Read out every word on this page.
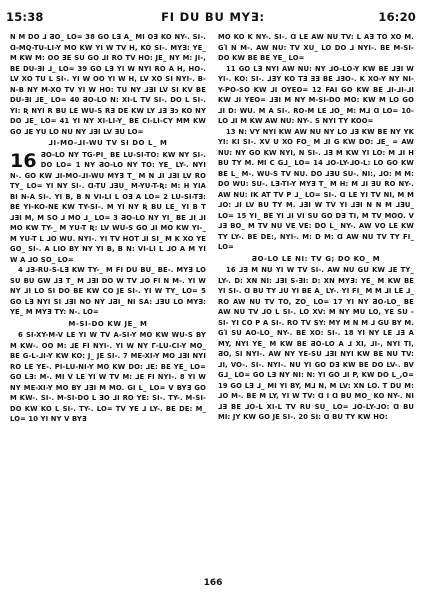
15:38	FI DU BU MYƎ:	16:20

N M DO ⅃ ƋO_ LO= 38 GO LƎ A_ MI OƎ KO NY-. SI-. Ɑ-MQ-TU-LI-Y MO KW YI W TV H, KO SI-. MYƎ: YE_ M KW M: OO ƎE SU GO ⅃I RO TV HO: JE_ NY M: JI-, BE DU-ƎI ⅃_ LO= 39 GO LƎ YI W NYI RO A H, HO-. LV XO TU L SI-. YI W OO YI W H, LV XO SI NYI-. B-N-B NY M-XO TV YI W HO: TU NY ⅃ƎI LV SI KV BE DU-ƎI ⅃E_ LO= 40 ƋO-LO N: XI-L TV SI-. DO L SI-. YI: Ʀ NYI R BU LE WU-S RƎ DE KW LY ⅃Ǝ Ǝↄ KO NY DO ⅃E_ LO= 41 YI NY XI-LI-Y_ BE CI-LI-CY MM KW GO ⅃E YU LO NU NY ⅃ƎI LV ƎU LO=

⅃I-MO-⅃I-WU TV SI DO L_ M

16 ƋO-LO NY TG-PI_ BE LU-SI-TO: KW NY SI-. DO LO= 1 NY ƋO-LO NY TO: YE_ LY-. NYI N-. GO KW ⅃I-MO-⅃I-WU MYƎ T_ M N ⅃I ⅃ƎI LV RO TY_ LO= YI NY SI-. Ɑ-TU ⅃ƎU_ M-YU-T-Ʀ: M: H YIA BI N-A SI-. YI B, B N VI-LI L OƎ A LO= 2 LU-SI-TƎ: BE YI-KO-NE KW TY-SI-. M YI NY Ʀ BU LE_ YI B T ⅃ƎI M, M SO ⅃ MO ⅃_ LO= 3 ƋO-LO NY YI_ BE ⅃I ⅃I MO KW TY-_ M YU-T Ʀ: LV WU-S GO ⅃I MO KW YI-_ M YU-T L ⅃O WU. NYI-. YI TV HOT ⅃I SI_ M K XO YE GO_ SI-. A LIO BY NY YI B, B N: VI-LI L ⅃O A M YI W A ⅃O SO_ LO=

4 ⅃Ǝ-RU-S-LƎ KW TY-_ M FI DU BU_ BE-. MYƎ LO SU BU GW ⅃Ǝ T_ M ⅃ƎI DO W TV ⅃O FI N M-. YI W NY ⅃I LO SI DO BE KW CO JE SI-. YI W TY_ LO= 5 GO LƎ NYI SI ⅃ƎI NO NY ⅃ƋI_ NI SA: ⅃ƎU LO MYƎ: YE_ M MYƎ TY: N-. LO=

M-SI-DO KW JE_ M

6 SI-XY-M-V LE YI W TV A-SI-Y MO KW WU-S BY M KW-. OO M: ⅃E FI NYI-. YI W NY Γ-LU-CI-Y MO_ BE G-L-⅃I-Y KW KO: J_ JE SI-. 7 ME-XI-Y MO ⅃ƎI NYI RO LE YE-. PI-LU-NI-Y MO KW DO: ⅃E: BE YE_ LO= GO LƎ: M-. MI V LE YI W TV M: ⅃E FI NYI-. 8 YI W NY ME-XI-Y MO BY ⅃ƎI M MO. GI L_ LO= V BYƎ GO M KW-. SI-. M-SI-DO L ƎO ⅃I RO YE: SI-. TY-. M-SI-DO KW KO L SI-. TY-. LO= TV YE ⅃ LY-. BE DE: M_ LO= 10 YI NY V BYƎ

MO KO K NY-. SI-. Ɑ LE AW NU TV: L AƎ TO XO M. GΊ N M-. AW NU: TV XU_ LO DO ⅃ NYI-. BE M-SI-DO KW BE BE YE_ LO=

11 GO LƎ NYI AW NU: NY ⅃O-LO-Y KW BE ⅃ƎI W YI-. KO: SI-. ⅃ƎY KO TƎ ƎƎ BE ⅃ƎO-. K XO-Y NY NI-Y-PO-SO KW ⅃I OYEO= 12 FAI GO KW BE ⅃I-⅃I-⅃I KW ⅃I YEO= ⅃ƎI M NY M-SI-DO MO: KW M LO GO ⅃I D: WU. M A SI-. RO-M LE ⅃O_ M: M⅃ Ɑ LO= 10-LO ⅃I M KW AW NU: NY-. S NYI TY KOO=

13 N: VY NYI KW AW NU NY LO ⅃Ǝ KW BE NY YK YI: KI SI-. XV U XO FO_ M ⅃I G KW DO: ⅃E_ = AW NU: NY GO KW NYI, N SI-. ⅃Ǝ M KW YI LO: M ⅃I H BU TY M. MI C G⅃_ LO= 14 ⅃O-LY-⅃O-L: LO GO KW BE L_ M-. WU-S TV NU. DO ⅃ƎU SU-. NI:, ⅃O: M M: DO WU: SU-. LƎ-TI-Y MYƎ T_ M H: M ⅃I ƎU RO NY-. AW NU: IK AT TV P ⅃_ LO= SI-. Ɑ LE YI TV NI, M M ⅃O: ⅃I LV BU TY M. ⅃ƎI W TV YI ⅃ƎI N N M ⅃ƎU_ LO= 15 YI_ BE YI ⅃I VI SU GO DƎ TI, M TV MOO. V ⅃Ǝ BO_ M TV NU VE VE: DO L_ NY-. AW VO LE KW TY LY-. BE DE:, NYI-. M: D M: Ɑ AW NU TV TY FI_ LO=

ƋO-LO LE NI: TV G; DO KO_ M

16 ⅃Ǝ M NU YI W TV SI-. AW NU GU KW ⅃E TY_ LY-. D: XN NI: ⅃ƎI S-ƎI: D: XN MYƎ: YE_ M KW BE YI SI-. Ɑ BU TY ⅃U YI BE A_ LY-. YI FI_ M M ⅃I LE ⅃_ RO AW NU TV TO, ZO_ LO= 17 YI NY ƋO-LO_ BE AW NU TV ⅃O L SI-. LO XV: M NY MU LO, YE SU -SI- YI CO P A SI-. RO TV SY: MY M N M ⅃ GU BY M. GΊ SU AO-LO_ NY-. BE XO: SI-. 18 YI NY LE ⅃Ǝ A MY, NYI YE_ M KW BE ƋO-LO A ⅃ XI, ⅃I-, NYI TI, ƋO, SI NYI-. AW NY YE-SU ⅃ƎI NYI KW BE NU TV: ⅃I, VO-. SI-. NYI-. NU YI GO DƎ KW BE DO LV-. BV G⅃_ LO= GO LƎ NY NI: N: YI GO ⅃I P, KW DO L_,O= 19 GO LƎ ⅃_ MI YI BY, M⅃ N, M LV: XN LO. T DU M: ⅃O M-. BE M LY, YI W TV: Ɑ I Ɑ BU MO_ KO NY-. NI ⅃Ǝ BE ⅃O-L XI-L TV RU SU_ LO= ⅃O-LY-⅃O: Ɑ BU MI: JY KW GO JE SI-. 20 SI: Ɑ BU TY KW HO:

166
